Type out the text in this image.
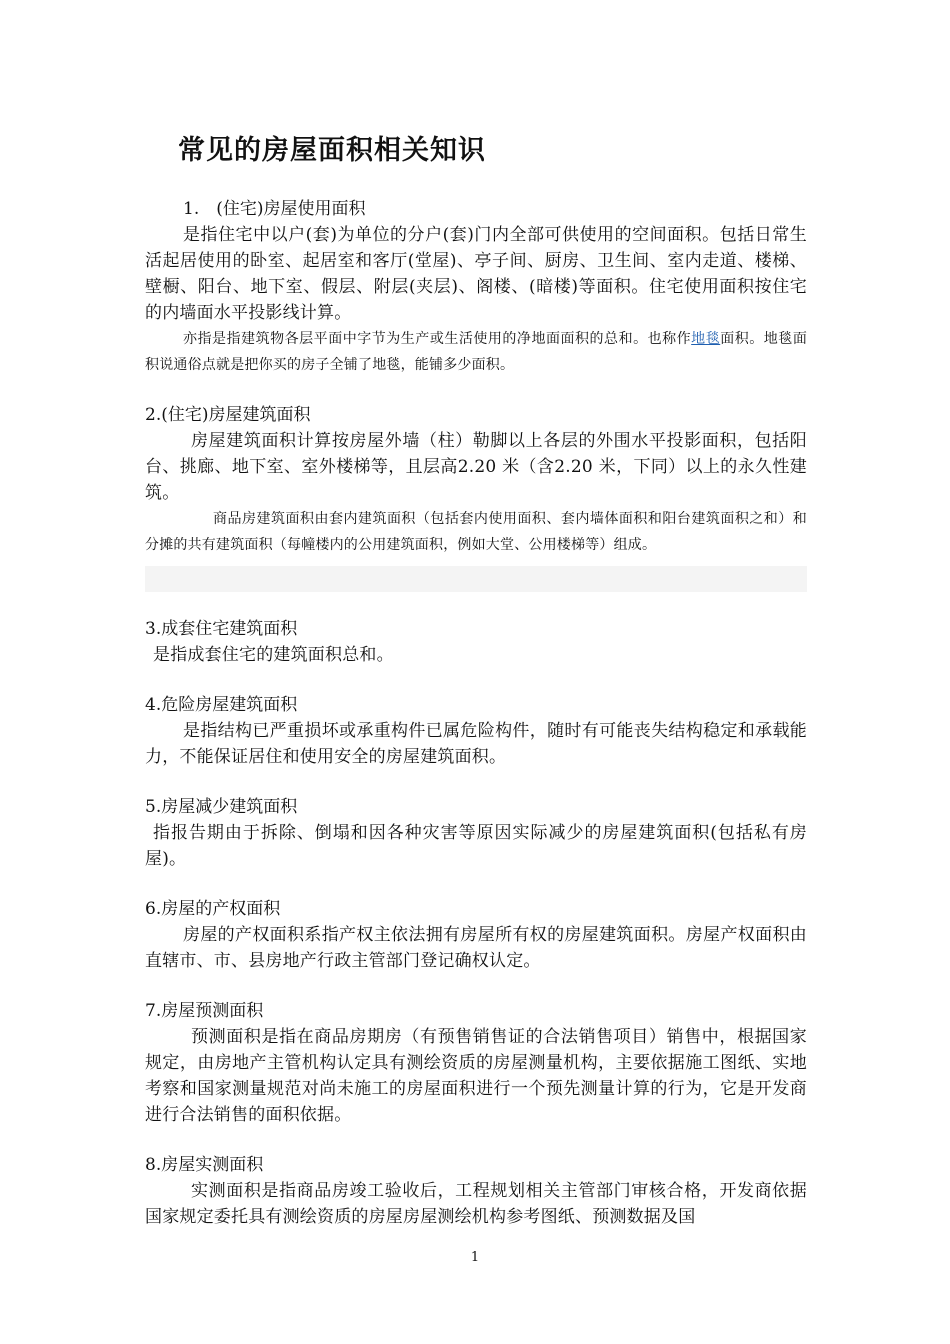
常见的房屋面积相关知识

1.　(住宅)房屋使用面积

是指住宅中以户(套)为单位的分户(套)门内全部可供使用的空间面积。包括日常生活起居使用的卧室、起居室和客厅(堂屋)、亭子间、厨房、卫生间、室内走道、楼梯、壁橱、阳台、地下室、假层、附层(夹层)、阁楼、(暗楼)等面积。住宅使用面积按住宅的内墙面水平投影线计算。

亦指是指建筑物各层平面中字节为生产或生活使用的净地面面积的总和。也称作地毯面积。地毯面积说通俗点就是把你买的房子全铺了地毯，能铺多少面积。

2.(住宅)房屋建筑面积

房屋建筑面积计算按房屋外墙（柱）勒脚以上各层的外围水平投影面积，包括阳台、挑廊、地下室、室外楼梯等，且层高2.20 米（含2.20 米，下同）以上的永久性建筑。

商品房建筑面积由套内建筑面积（包括套内使用面积、套内墙体面积和阳台建筑面积之和）和分摊的共有建筑面积（每幢楼内的公用建筑面积，例如大堂、公用楼梯等）组成。

3.成套住宅建筑面积

是指成套住宅的建筑面积总和。

4.危险房屋建筑面积

是指结构已严重损坏或承重构件已属危险构件，随时有可能丧失结构稳定和承载能力，不能保证居住和使用安全的房屋建筑面积。

5.房屋减少建筑面积

指报告期由于拆除、倒塌和因各种灾害等原因实际减少的房屋建筑面积(包括私有房屋)。

6.房屋的产权面积

房屋的产权面积系指产权主依法拥有房屋所有权的房屋建筑面积。房屋产权面积由直辖市、市、县房地产行政主管部门登记确权认定。

7.房屋预测面积

预测面积是指在商品房期房（有预售销售证的合法销售项目）销售中，根据国家规定，由房地产主管机构认定具有测绘资质的房屋测量机构，主要依据施工图纸、实地考察和国家测量规范对尚未施工的房屋面积进行一个预先测量计算的行为，它是开发商进行合法销售的面积依据。

8.房屋实测面积

实测面积是指商品房竣工验收后，工程规划相关主管部门审核合格，开发商依据国家规定委托具有测绘资质的房屋房屋测绘机构参考图纸、预测数据及国

1
